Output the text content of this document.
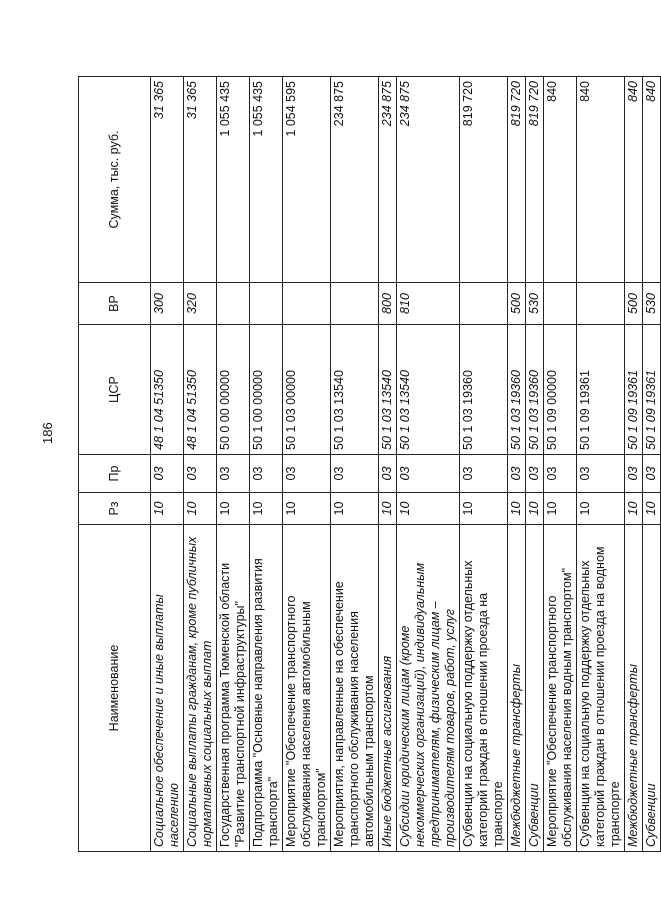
186
Наименование	Рз	Пр	ЦСР	ВР	Сумма, тыс. руб.
Социальное обеспечение и иные выплаты населению	10	03	48 1 04 51350	300	31 365
Социальные выплаты гражданам, кроме публичных нормативных социальных выплат	10	03	48 1 04 51350	320	31 365
Государственная программа Тюменской области "Развитие транспортной инфраструктуры"	10	03	50 0 00 00000		1 055 435
Подпрограмма "Основные направления развития транспорта"	10	03	50 1 00 00000		1 055 435
Мероприятие "Обеспечение транспортного обслуживания населения автомобильным транспортом"	10	03	50 1 03 00000		1 054 595
Мероприятия, направленные на обеспечение транспортного обслуживания населения автомобильным транспортом	10	03	50 1 03 13540		234 875
Иные бюджетные ассигнования	10	03	50 1 03 13540	800	234 875
Субсидии юридическим лицам (кроме некоммерческих организаций), индивидуальным предпринимателям, физическим лицам – производителям товаров, работ, услуг	10	03	50 1 03 13540	810	234 875
Субвенции на социальную поддержку отдельных категорий граждан в отношении проезда на транспорте	10	03	50 1 03 19360		819 720
Межбюджетные трансферты	10	03	50 1 03 19360	500	819 720
Субвенции	10	03	50 1 03 19360	530	819 720
Мероприятие "Обеспечение транспортного обслуживания населения водным транспортом"	10	03	50 1 09 00000		840
Субвенции на социальную поддержку отдельных категорий граждан в отношении проезда на водном транспорте	10	03	50 1 09 19361		840
Межбюджетные трансферты	10	03	50 1 09 19361	500	840
Субвенции	10	03	50 1 09 19361	530	840
